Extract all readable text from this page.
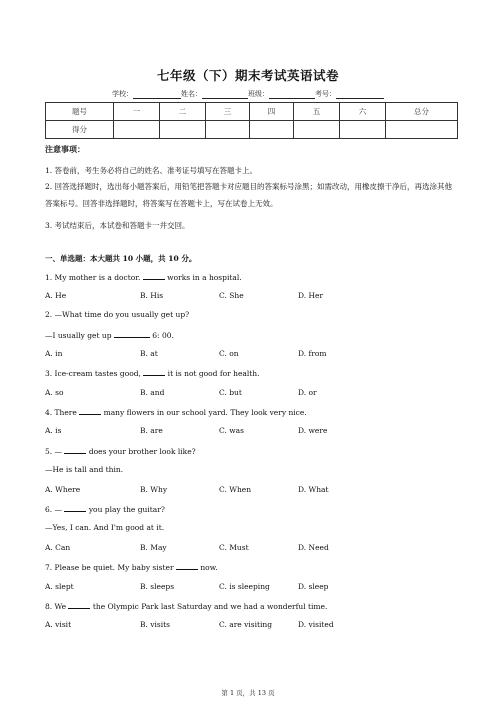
七年级（下）期末考试英语试卷
学校：	姓名：	班级：	考号：
题号	一	二	三	四	五	六	总分
得分							
注意事项：
1. 答卷前，考生务必将自己的姓名、准考证号填写在答题卡上。
2. 回答选择题时，选出每小题答案后，用铅笔把答题卡对应题目的答案标号涂黑；如需改动，用橡皮擦干净后，再选涂其他答案标号。回答非选择题时，将答案写在答题卡上，写在试卷上无效。
3. 考试结束后，本试卷和答题卡一并交回。
一、单选题：本大题共 10 小题，共 10 分。
1. My mother is a doctor.	works in a hospital.
A. He	B. His	C. She	D. Her
2. —What time do you usually get up?
—I usually get up	6: 00.
A. in	B. at	C. on	D. from
3. Ice-cream tastes good,	it is not good for health.
A. so	B. and	C. but	D. or
4. There	many flowers in our school yard. They look very nice.
A. is	B. are	C. was	D. were
5. —	does your brother look like?
—He is tall and thin.
A. Where	B. Why	C. When	D. What
6. —	you play the guitar?
—Yes, I can. And I'm good at it.
A. Can	B. May	C. Must	D. Need
7. Please be quiet. My baby sister	now.
A. slept	B. sleeps	C. is sleeping	D. sleep
8. We	the Olympic Park last Saturday and we had a wonderful time.
A. visit	B. visits	C. are visiting	D. visited
第 1 页，共 13 页
